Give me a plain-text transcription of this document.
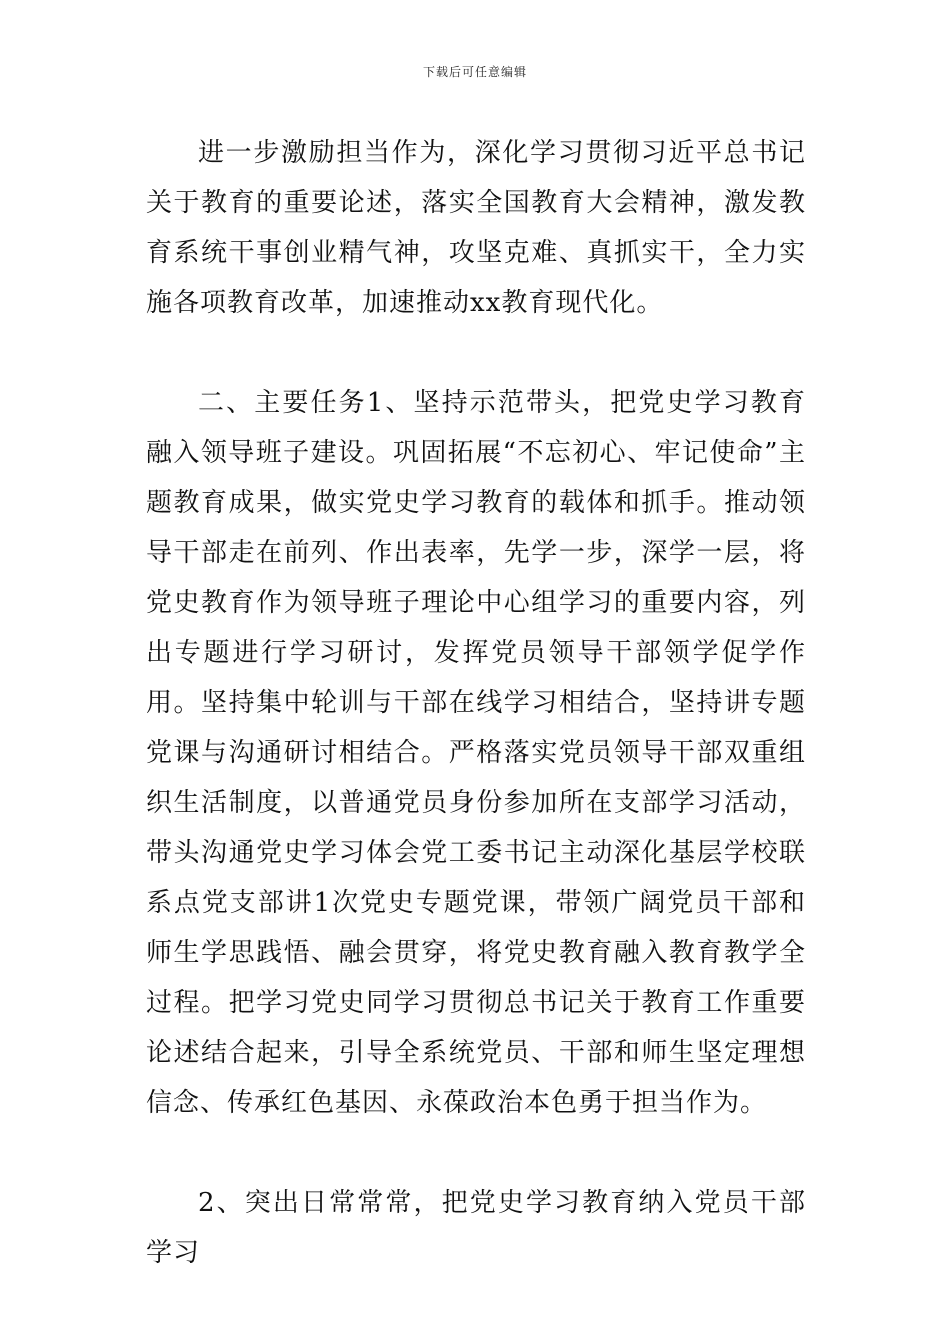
下载后可任意编辑

进一步激励担当作为，深化学习贯彻习近平总书记关于教育的重要论述，落实全国教育大会精神，激发教育系统干事创业精气神，攻坚克难、真抓实干，全力实施各项教育改革，加速推动xx教育现代化。

二、主要任务1、坚持示范带头，把党史学习教育融入领导班子建设。巩固拓展“不忘初心、牢记使命”主题教育成果，做实党史学习教育的载体和抓手。推动领导干部走在前列、作出表率，先学一步，深学一层，将党史教育作为领导班子理论中心组学习的重要内容，列出专题进行学习研讨，发挥党员领导干部领学促学作用。坚持集中轮训与干部在线学习相结合，坚持讲专题党课与沟通研讨相结合。严格落实党员领导干部双重组织生活制度，以普通党员身份参加所在支部学习活动，带头沟通党史学习体会党工委书记主动深化基层学校联系点党支部讲1次党史专题党课，带领广阔党员干部和师生学思践悟、融会贯穿，将党史教育融入教育教学全过程。把学习党史同学习贯彻总书记关于教育工作重要论述结合起来，引导全系统党员、干部和师生坚定理想信念、传承红色基因、永葆政治本色勇于担当作为。

2、突出日常常常，把党史学习教育纳入党员干部学习
